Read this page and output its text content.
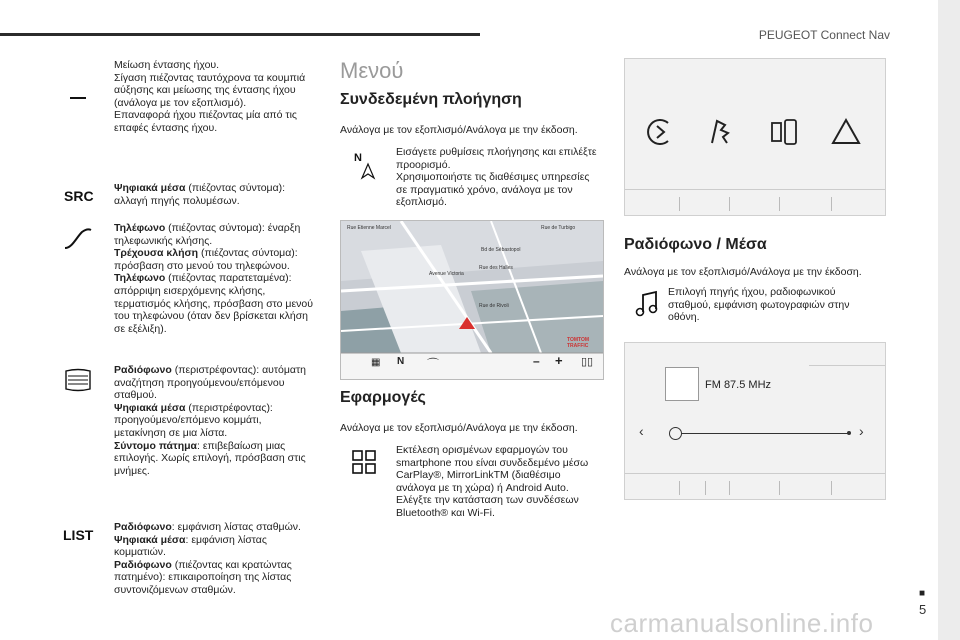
PEUGEOT Connect Nav
5
■
Μείωση έντασης ήχου.
Σίγαση πιέζοντας ταυτόχρονα τα κουμπιά αύξησης και μείωσης της έντασης ήχου (ανάλογα με τον εξοπλισμό).
Επαναφορά ήχου πιέζοντας μία από τις επαφές έντασης ήχου.
SRC Ψηφιακά μέσα (πιέζοντας σύντομα): αλλαγή πηγής πολυμέσων.
Τηλέφωνο (πιέζοντας σύντομα): έναρξη τηλεφωνικής κλήσης.
Τρέχουσα κλήση (πιέζοντας σύντομα): πρόσβαση στο μενού του τηλεφώνου.
Τηλέφωνο (πιέζοντας παρατεταμένα): απόρριψη εισερχόμενης κλήσης, τερματισμός κλήσης, πρόσβαση στο μενού του τηλεφώνου (όταν δεν βρίσκεται κλήση σε εξέλιξη).
Ραδιόφωνο (περιστρέφοντας): αυτόματη αναζήτηση προηγούμενου/επόμενου σταθμού.
Ψηφιακά μέσα (περιστρέφοντας): προηγούμενο/επόμενο κομμάτι, μετακίνηση σε μια λίστα.
Σύντομο πάτημα: επιβεβαίωση μιας επιλογής. Χωρίς επιλογή, πρόσβαση στις μνήμες.
LIST Ραδιόφωνο: εμφάνιση λίστας σταθμών.
Ψηφιακά μέσα: εμφάνιση λίστας κομματιών.
Ραδιόφωνο (πιέζοντας και κρατώντας πατημένο): επικαιροποίηση της λίστας συντονιζόμενων σταθμών.
Μενού
Συνδεδεμένη πλοήγηση
Ανάλογα με τον εξοπλισμό/Ανάλογα με την έκδοση.
N	Εισάγετε ρυθμίσεις πλοήγησης και επιλέξτε προορισμό.
Χρησιμοποιήστε τις διαθέσιμες υπηρεσίες σε πραγματικό χρόνο, ανάλογα με τον εξοπλισμό.
Rue Etienne Marcel	Rue de Turbigo
Bd de Sébastopol
Rue des Halles
Rue de Rivoli
Avenue Victoria
TOMTOM TRAFFIC
▦ N ⌒	– + ▯▯
Εφαρμογές
Ανάλογα με τον εξοπλισμό/Ανάλογα με την έκδοση.
Εκτέλεση ορισμένων εφαρμογών του smartphone που είναι συνδεδεμένο μέσω CarPlay®, MirrorLinkTM (διαθέσιμο ανάλογα με τη χώρα) ή Android Auto.
Ελέγξτε την κατάσταση των συνδέσεων Bluetooth® και Wi-Fi.
Ραδιόφωνο / Μέσα
Ανάλογα με τον εξοπλισμό/Ανάλογα με την έκδοση.
Επιλογή πηγής ήχου, ραδιοφωνικού σταθμού, εμφάνιση φωτογραφιών στην οθόνη.
FM 87.5 MHz
‹	›
carmanualsonline.info
